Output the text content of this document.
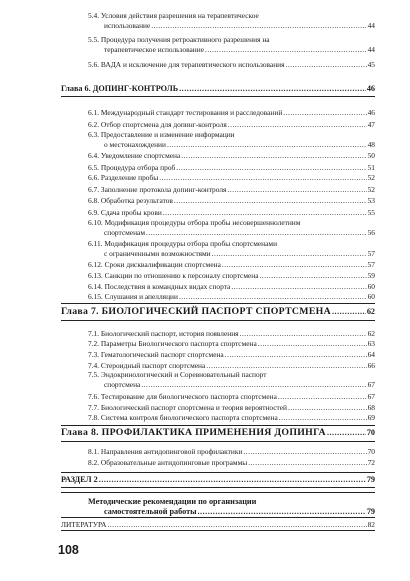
5.4. Условия действия разрешения на терапевтическое
использование .....	44
5.5. Процедура получения ретроактивного разрешения на
терапевтическое использование .....	44
5.6. ВАДА и исключение для терапевтического использования .....	45
Глава 6. ДОПИНГ-КОНТРОЛЬ .....	46
6.1. Международный стандарт тестирования и расследований .....	46
6.2. Отбор спортсмена для допинг-контроля .....	47
6.3. Предоставление и изменение информации
о местонахождении .....	48
6.4. Уведомление спортсмена .....	50
6.5. Процедура отбора проб .....	51
6.6. Разделение пробы .....	52
6.7. Заполнение протокола допинг-контроля .....	52
6.8. Обработка результатов .....	53
6.9. Сдача пробы крови .....	55
6.10. Модификация процедуры отбора пробы несовершеннолетним
спортсменам .....	56
6.11. Модификация процедуры отбора пробы спортсменами
с ограниченными возможностями .....	57
6.12. Сроки дисквалификации спортсмена .....	57
6.13. Санкции по отношению к персоналу спортсмена .....	59
6.14. Последствия в командных видах спорта .....	60
6.15. Слушания и апелляции .....	60
Глава 7. БИОЛОГИЧЕСКИЙ ПАСПОРТ СПОРТСМЕНА .....	62
7.1. Биологический паспорт, история появления .....	62
7.2. Параметры Биологического паспорта спортсмена .....	63
7.3. Гематологический паспорт спортсмена .....	64
7.4. Стероидный паспорт спортсмена .....	66
7.5. Эндокринологический и Соревновательный паспорт
спортсмена .....	67
7.6. Тестирование для биологического паспорта спортсмена .....	67
7.7. Биологический паспорт спортсмена и теория вероятностей .....	68
7.8. Система контроля биологического паспорта спортсмена .....	69
Глава 8. ПРОФИЛАКТИКА ПРИМЕНЕНИЯ ДОПИНГА .....	70
8.1. Направления антидопинговой профилактики .....	70
8.2. Образовательные антидопинговые программы .....	72
РАЗДЕЛ 2 .....	79
Методические рекомендации по организации
самостоятельной работы .....	79
ЛИТЕРАТУРА .....	82
108
